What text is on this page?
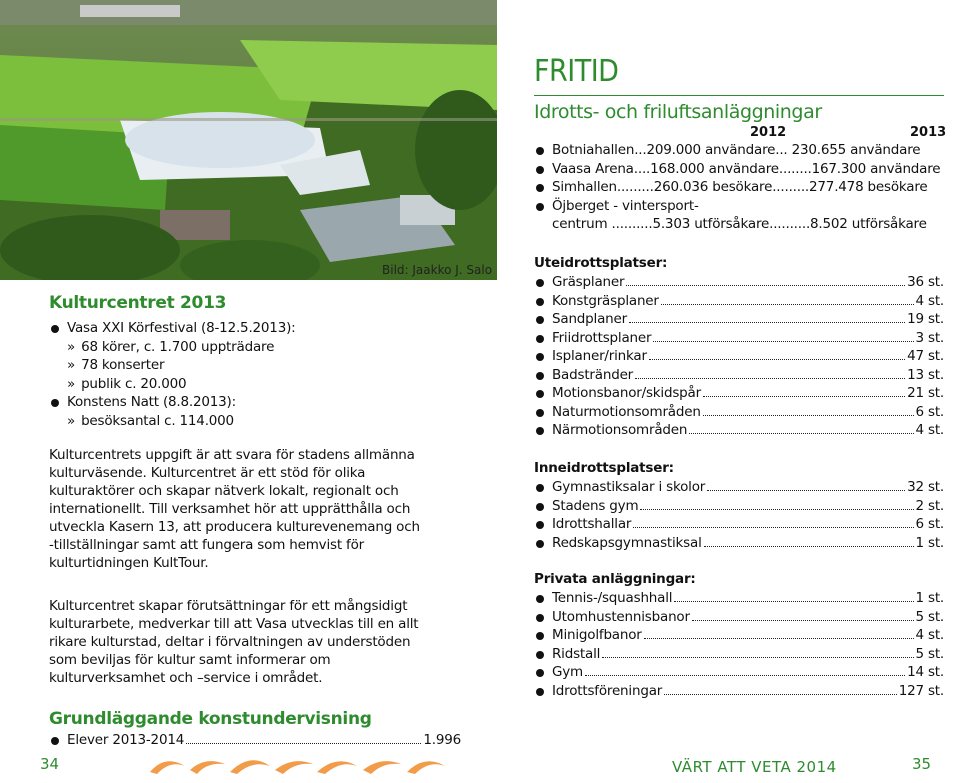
Bild: Jaakko J. Salo
Kulturcentret 2013
Vasa XXI Körfestival (8-12.5.2013):
» 68 körer, c. 1.700 uppträdare
» 78 konserter
» publik c. 20.000
Konstens Natt (8.8.2013):
» besöksantal c. 114.000
Kulturcentrets uppgift är att svara för stadens allmänna kulturväsende. Kulturcentret är ett stöd för olika kulturaktörer och skapar nätverk lokalt, regionalt och internationellt. Till verksamhet hör att upprätthålla och utveckla Kasern 13, att producera kulturevenemang och -tillställningar samt att fungera som hemvist för kulturtidningen KultTour.
Kulturcentret skapar förutsättningar för ett mångsidigt kulturarbete, medverkar till att Vasa utvecklas till en allt rikare kulturstad, deltar i förvaltningen av understöden som beviljas för kultur samt informerar om kulturverksamhet och –service i området.
Grundläggande konstundervisning
Elever 2013-2014	1.996
34
FRITID
Idrotts- och friluftsanläggningar
2012	2013
Botniahallen...209.000 användare... 230.655 användare
Vaasa Arena....168.000 användare........167.300 användare
Simhallen.........260.036 besökare.........277.478 besökare
Öjberget - vintersport-
centrum ..........5.303 utförsåkare..........8.502 utförsåkare
Uteidrottsplatser:
Gräsplaner	36 st.
Konstgräsplaner	4 st.
Sandplaner	19 st.
Friidrottsplaner	3 st.
Isplaner/rinkar	47 st.
Badstränder	13 st.
Motionsbanor/skidspår	21 st.
Naturmotionsområden	6 st.
Närmotionsområden	4 st.
Inneidrottsplatser:
Gymnastiksalar i skolor	32 st.
Stadens gym	2 st.
Idrottshallar	6 st.
Redskapsgymnastiksal	1 st.
Privata anläggningar:
Tennis-/squashhall	1 st.
Utomhustennisbanor	5 st.
Minigolfbanor	4 st.
Ridstall	5 st.
Gym	14 st.
Idrottsföreningar	127 st.
VÄRT ATT VETA 2014	35
